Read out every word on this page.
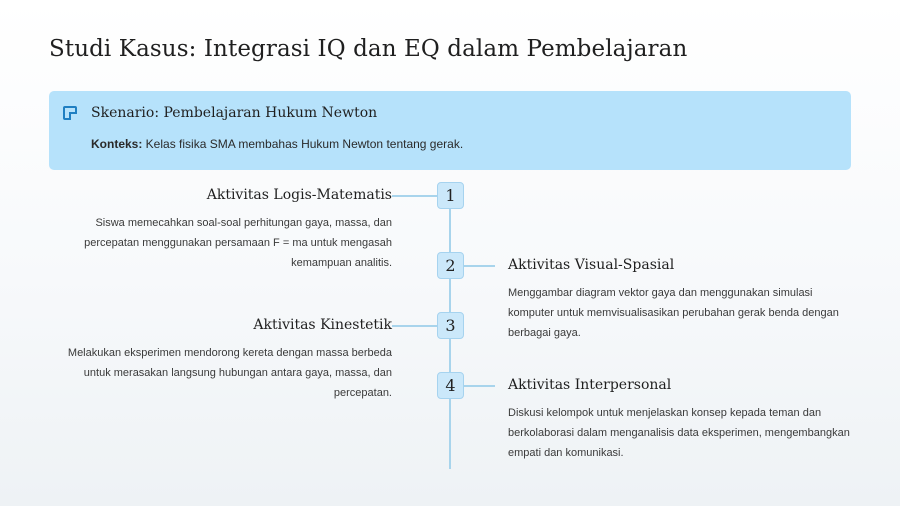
Studi Kasus: Integrasi IQ dan EQ dalam Pembelajaran
Skenario: Pembelajaran Hukum Newton
Konteks: Kelas fisika SMA membahas Hukum Newton tentang gerak.
1
Aktivitas Logis-Matematis
Siswa memecahkan soal-soal perhitungan gaya, massa, dan percepatan menggunakan persamaan F = ma untuk mengasah kemampuan analitis.	2	Aktivitas Visual-Spasial
Menggambar diagram vektor gaya dan menggunakan simulasi komputer untuk memvisualisasikan perubahan gerak benda dengan berbagai gaya.
3
Aktivitas Kinestetik
Melakukan eksperimen mendorong kereta dengan massa berbeda untuk merasakan langsung hubungan antara gaya, massa, dan percepatan.	4	Aktivitas Interpersonal
Diskusi kelompok untuk menjelaskan konsep kepada teman dan berkolaborasi dalam menganalisis data eksperimen, mengembangkan empati dan komunikasi.
